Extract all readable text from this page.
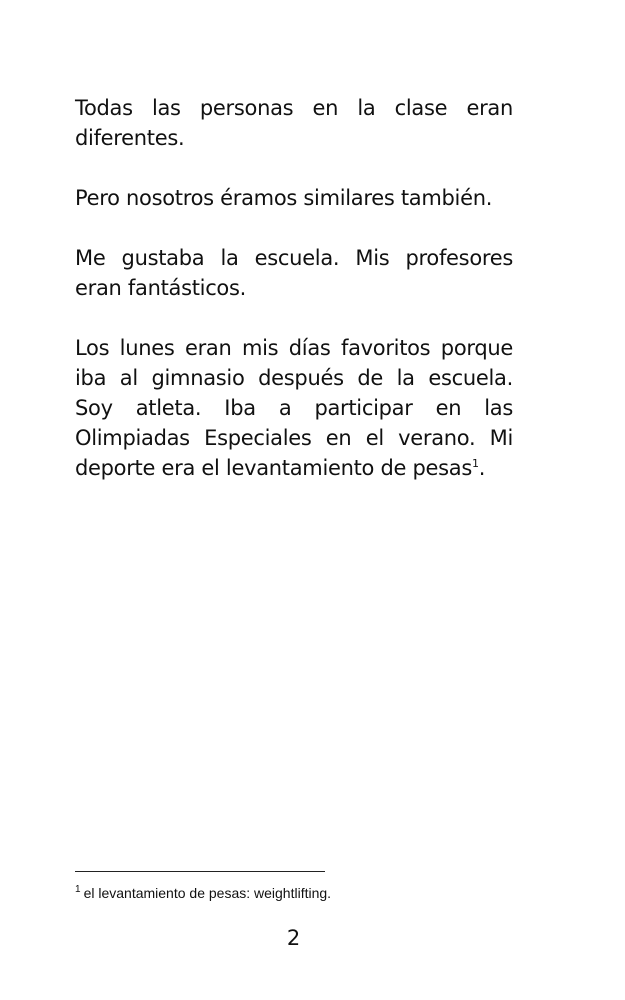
Todas las personas en la clase eran diferentes.

Pero nosotros éramos similares también.

Me gustaba la escuela. Mis profesores eran fantásticos.

Los lunes eran mis días favoritos porque iba al gimnasio después de la escuela. Soy atleta. Iba a participar en las Olimpiadas Especiales en el verano. Mi deporte era el levantamiento de pesas$^1$.

$^1$ el levantamiento de pesas: weightlifting.
2
